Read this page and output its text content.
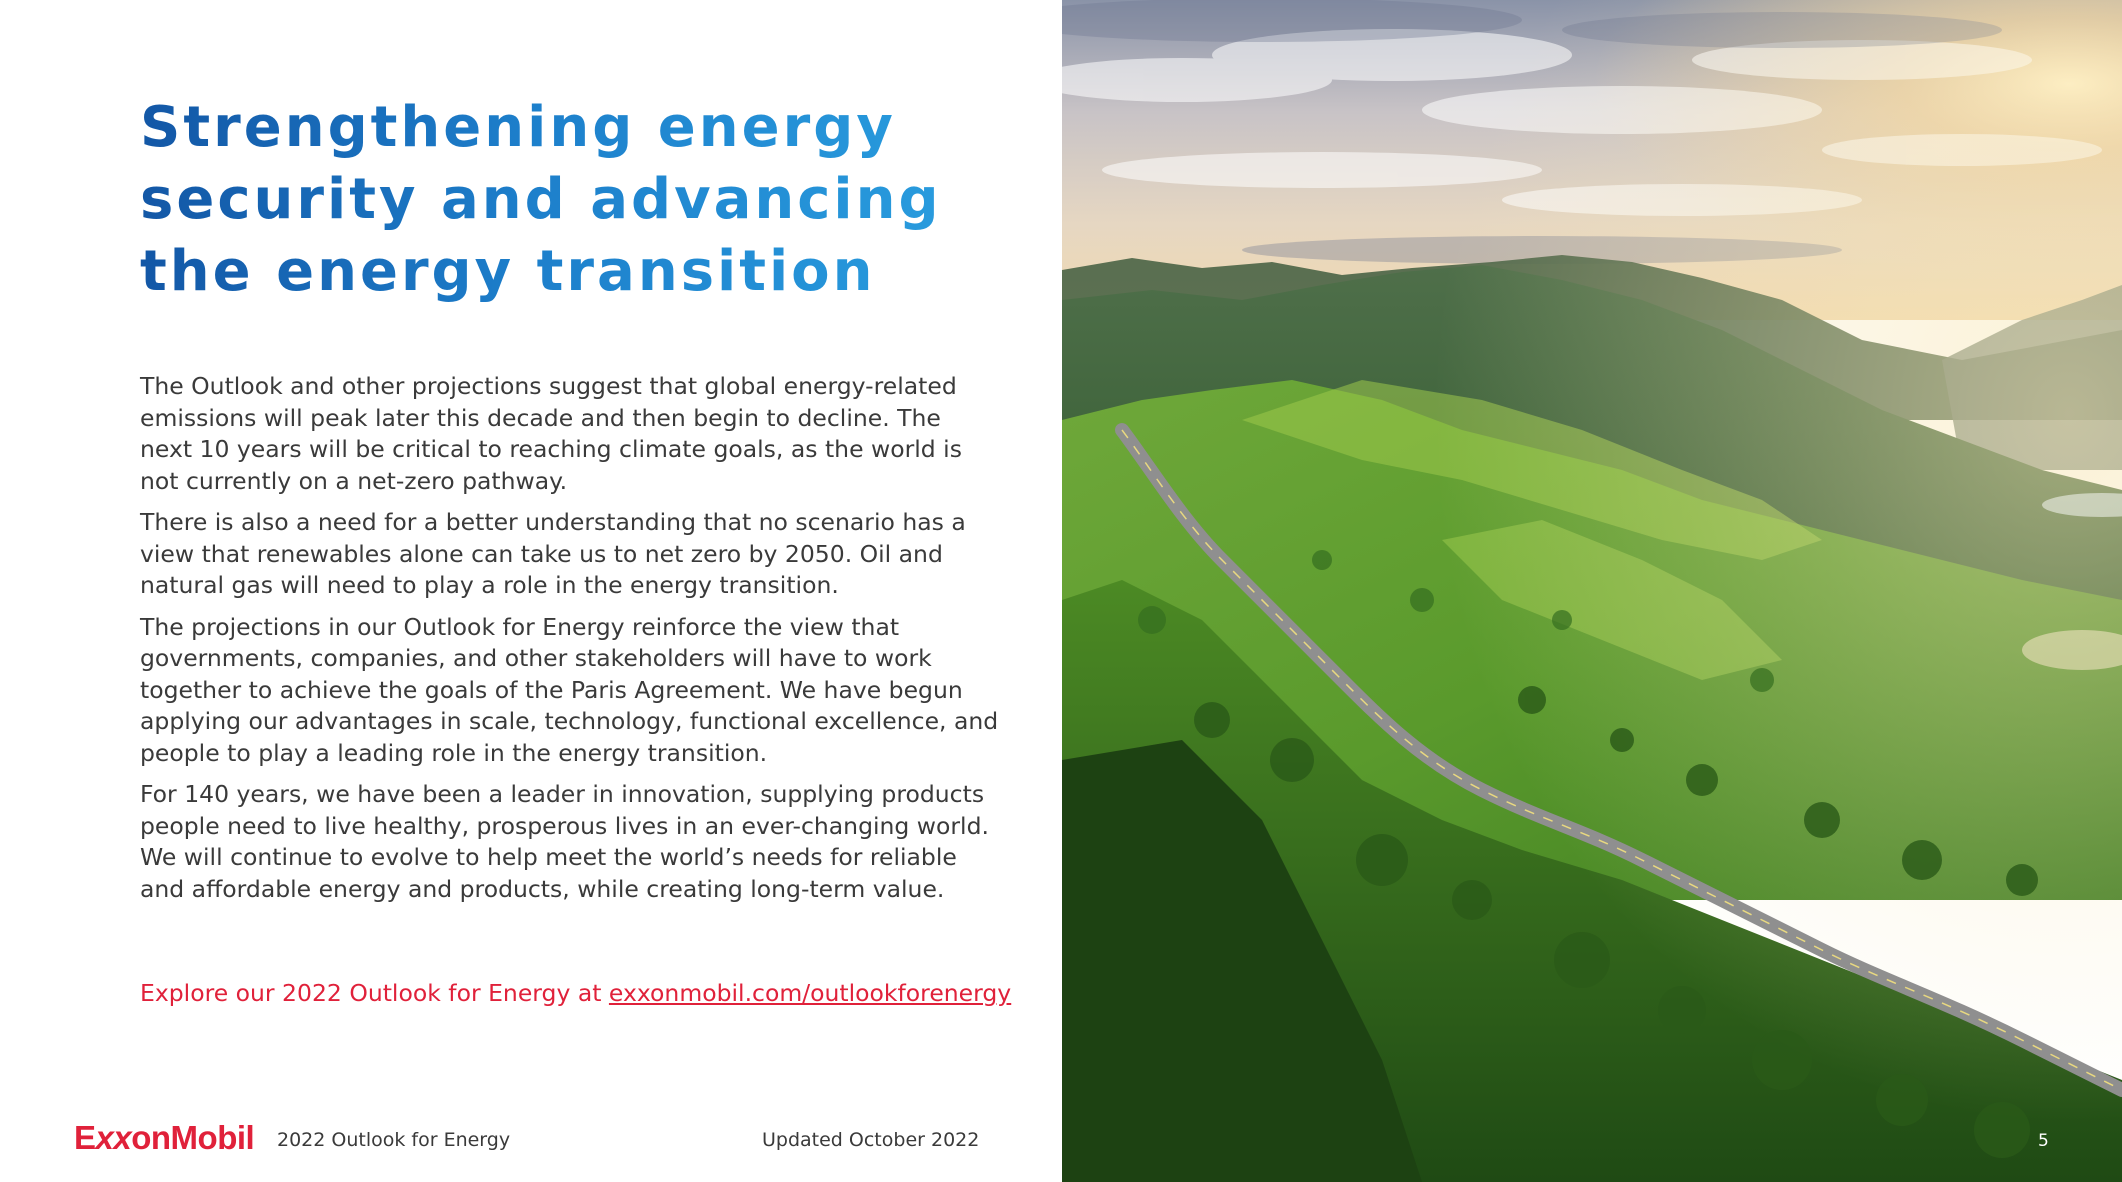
Strengthening energy
security and advancing
the energy transition

The Outlook and other projections suggest that global energy-related emissions will peak later this decade and then begin to decline. The next 10 years will be critical to reaching climate goals, as the world is not currently on a net-zero pathway.

There is also a need for a better understanding that no scenario has a view that renewables alone can take us to net zero by 2050. Oil and natural gas will need to play a role in the energy transition.

The projections in our Outlook for Energy reinforce the view that governments, companies, and other stakeholders will have to work together to achieve the goals of the Paris Agreement. We have begun applying our advantages in scale, technology, functional excellence, and people to play a leading role in the energy transition.

For 140 years, we have been a leader in innovation, supplying products people need to live healthy, prosperous lives in an ever-changing world. We will continue to evolve to help meet the world’s needs for reliable and affordable energy and products, while creating long-term value.

Explore our 2022 Outlook for Energy at exxonmobil.com/outlookforenergy
ExxonMobil 2022 Outlook for Energy	Updated October 2022	5
